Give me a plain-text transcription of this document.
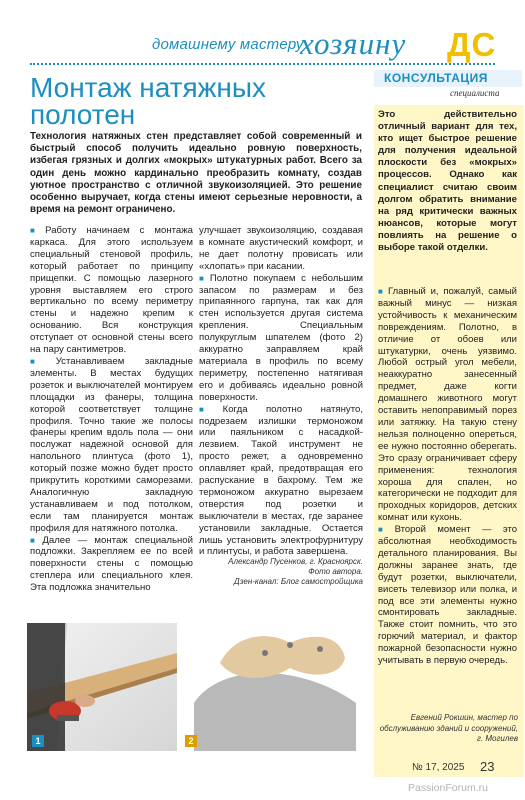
домашнему мастеру
хозяину ДС
Монтаж натяжных полотен
Технология натяжных стен представляет собой современный и быстрый способ получить идеально ровную поверхность, избегая грязных и долгих «мокрых» штукатурных работ. Всего за один день можно кардинально преобразить комнату, создав уютное пространство с отличной звукоизоляцией. Это решение особенно выручает, когда стены имеют серьезные неровности, а время на ремонт ограничено.

■ Работу начинаем с монтажа каркаса. Для этого используем специальный стеновой профиль, который работает по принципу прищепки. С помощью лазерного уровня выставляем его строго вертикально по всему периметру стены и надежно крепим к основанию. Вся конструкция отступает от основной стены всего на пару сантиметров.

■ Устанавливаем закладные элементы. В местах будущих розеток и выключателей монтируем площадки из фанеры, толщина которой соответствует толщине профиля. Точно такие же полосы фанеры крепим вдоль пола — они послужат надежной основой для напольного плинтуса (фото 1), который позже можно будет просто прикрутить короткими саморезами. Аналогичную закладную устанавливаем и под потолком, если там планируется монтаж профиля для натяжного потолка.

■ Далее — монтаж специальной подложки. Закрепляем ее по всей поверхности стены с помощью степлера или специального клея. Эта подложка значительно

улучшает звукоизоляцию, создавая в комнате акустический комфорт, и не дает полотну провисать или «хлопать» при касании.

■ Полотно покупаем с небольшим запасом по размерам и без припаянного гарпуна, так как для стен используется другая система крепления. Специальным полукруглым шпателем (фото 2) аккуратно заправляем край материала в профиль по всему периметру, постепенно натягивая его и добиваясь идеально ровной поверхности.

■ Когда полотно натянуто, подрезаем излишки термоножом или паяльником с насадкой-лезвием. Такой инструмент не просто режет, а одновременно оплавляет край, предотвращая его распускание в бахрому. Тем же термоножом аккуратно вырезаем отверстия под розетки и выключатели в местах, где заранее установили закладные. Остается лишь установить электрофурнитуру и плинтусы, и работа завершена.

Александр Пусенков, г. Красноярск.
Фото автора.
Дзен-канал: Блог самостройщика
КОНСУЛЬТАЦИЯ
специалиста
Это действительно отличный вариант для тех, кто ищет быстрое решение для получения идеальной плоскости без «мокрых» процессов. Однако как специалист считаю своим долгом обратить внимание на ряд критически важных нюансов, которые могут повлиять на решение о выборе такой отделки.

■ Главный и, пожалуй, самый важный минус — низкая устойчивость к механическим повреждениям. Полотно, в отличие от обоев или штукатурки, очень уязвимо. Любой острый угол мебели, неаккуратно занесенный предмет, даже когти домашнего животного могут оставить непоправимый порез или затяжку. На такую стену нельзя полноценно опереться, ее нужно постоянно оберегать. Это сразу ограничивает сферу применения: технология хороша для спален, но категорически не подходит для проходных коридоров, детских комнат или кухонь.

■ Второй момент — это абсолютная необходимость детального планирования. Вы должны заранее знать, где будут розетки, выключатели, висеть телевизор или полка, и под все эти элементы нужно смонтировать закладные. Также стоит помнить, что это горючий материал, и фактор пожарной безопасности нужно учитывать в первую очередь.

Евгений Рокшин, мастер по обслуживанию зданий и сооружений, г. Могилев
1	2
№ 17, 2025 23
PassionForum.ru
